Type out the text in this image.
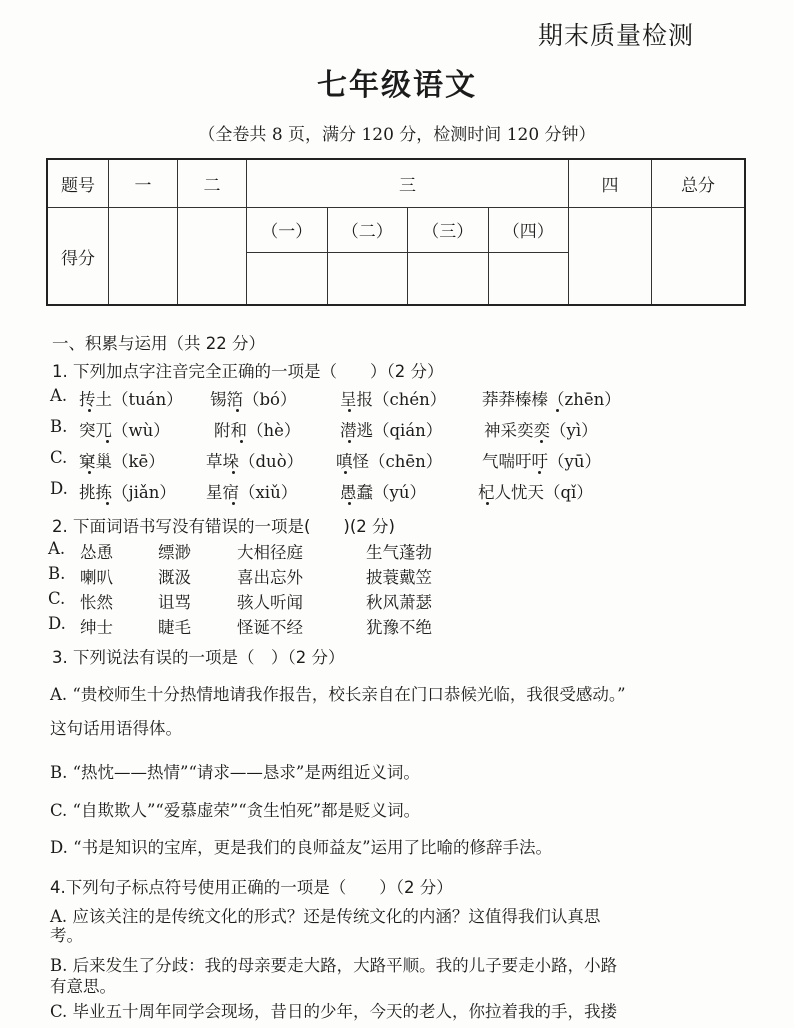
期末质量检测
七年级语文
（全卷共 8 页，满分 120 分，检测时间 120 分钟）
题号	一	二	三				四	总分
得分			（一）	（二）	（三）	（四）		

一、积累与运用（共 22 分）
1. 下列加点字注音完全正确的一项是（　　）（2 分）
A. 抟土（tuán） 锡箔（bó）	呈报（chén） 莽莽榛榛（zhēn）
B. 突兀（wù）	附和（hè） 潜逃（qián）	神采奕奕（yì）
C. 窠巢（kē） 草垛（duò） 嗔怪（chēn） 气喘吁吁（yū）
D. 挑拣（jiǎn） 星宿（xiǔ）	愚蠢（yú）	杞人忧天（qǐ）
2. 下面词语书写没有错误的一项是(　　)(2 分)
A. 怂恿	缥渺	大相径庭	生气蓬勃
B. 喇叭	溉汲	喜出忘外	披蓑戴笠
C. 怅然	诅骂	骇人听闻	秋风萧瑟
D. 绅士	睫毛	怪诞不经	犹豫不绝
3. 下列说法有误的一项是（　）（2 分）
A. “贵校师生十分热情地请我作报告，校长亲自在门口恭候光临，我很受感动。”
这句话用语得体。
B. “热忱——热情”“请求——恳求”是两组近义词。
C. “自欺欺人”“爱慕虚荣”“贪生怕死”都是贬义词。
D. “书是知识的宝库，更是我们的良师益友”运用了比喻的修辞手法。
4.下列句子标点符号使用正确的一项是（　　）（2 分）
A. 应该关注的是传统文化的形式？还是传统文化的内涵？这值得我们认真思
考。
B. 后来发生了分歧：我的母亲要走大路，大路平顺。我的儿子要走小路，小路
有意思。
C. 毕业五十周年同学会现场，昔日的少年，今天的老人，你拉着我的手，我搂
